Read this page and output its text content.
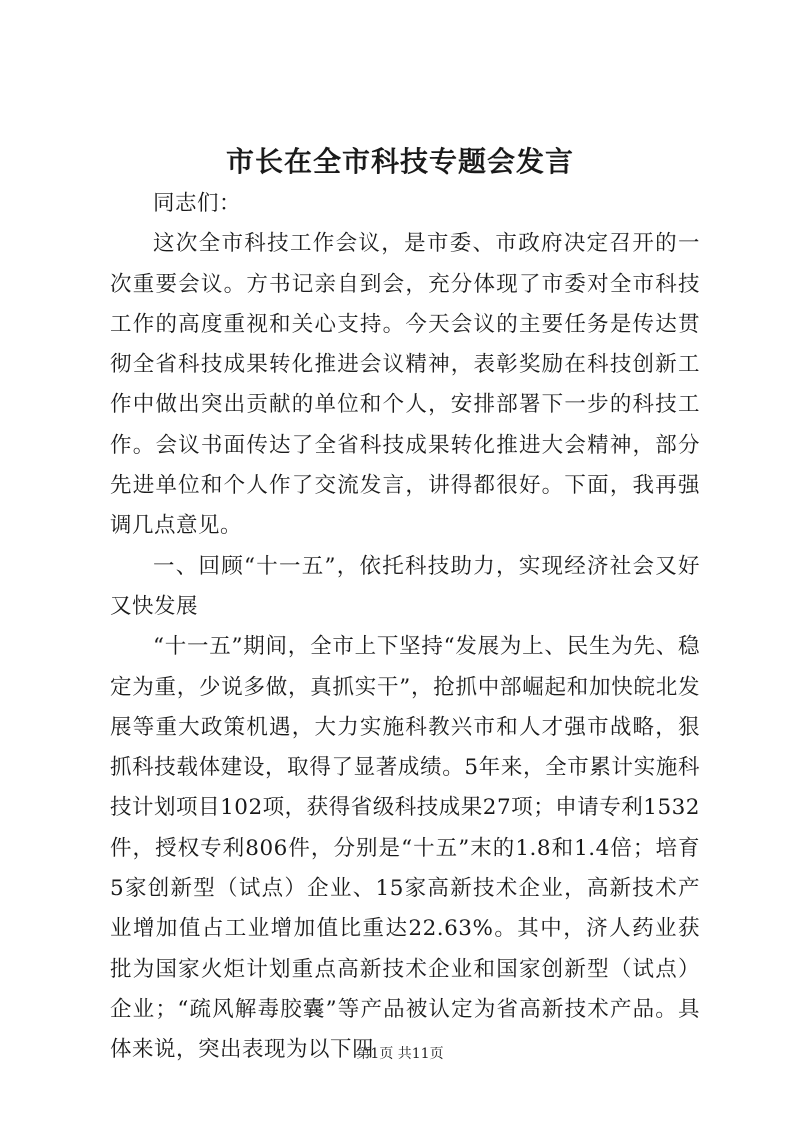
市长在全市科技专题会发言

同志们：

这次全市科技工作会议，是市委、市政府决定召开的一次重要会议。方书记亲自到会，充分体现了市委对全市科技工作的高度重视和关心支持。今天会议的主要任务是传达贯彻全省科技成果转化推进会议精神，表彰奖励在科技创新工作中做出突出贡献的单位和个人，安排部署下一步的科技工作。会议书面传达了全省科技成果转化推进大会精神，部分先进单位和个人作了交流发言，讲得都很好。下面，我再强调几点意见。

一、回顾“十一五”，依托科技助力，实现经济社会又好又快发展

“十一五”期间，全市上下坚持“发展为上、民生为先、稳定为重，少说多做，真抓实干”，抢抓中部崛起和加快皖北发展等重大政策机遇，大力实施科教兴市和人才强市战略，狠抓科技载体建设，取得了显著成绩。5年来，全市累计实施科技计划项目102项，获得省级科技成果27项；申请专利1532件，授权专利806件，分别是“十五”末的1.8和1.4倍；培育5家创新型（试点）企业、15家高新技术企业，高新技术产业增加值占工业增加值比重达22.63%。其中，济人药业获批为国家火炬计划重点高新技术企业和国家创新型（试点）企业；“疏风解毒胶囊”等产品被认定为省高新技术产品。具体来说，突出表现为以下四

第1页 共11页
